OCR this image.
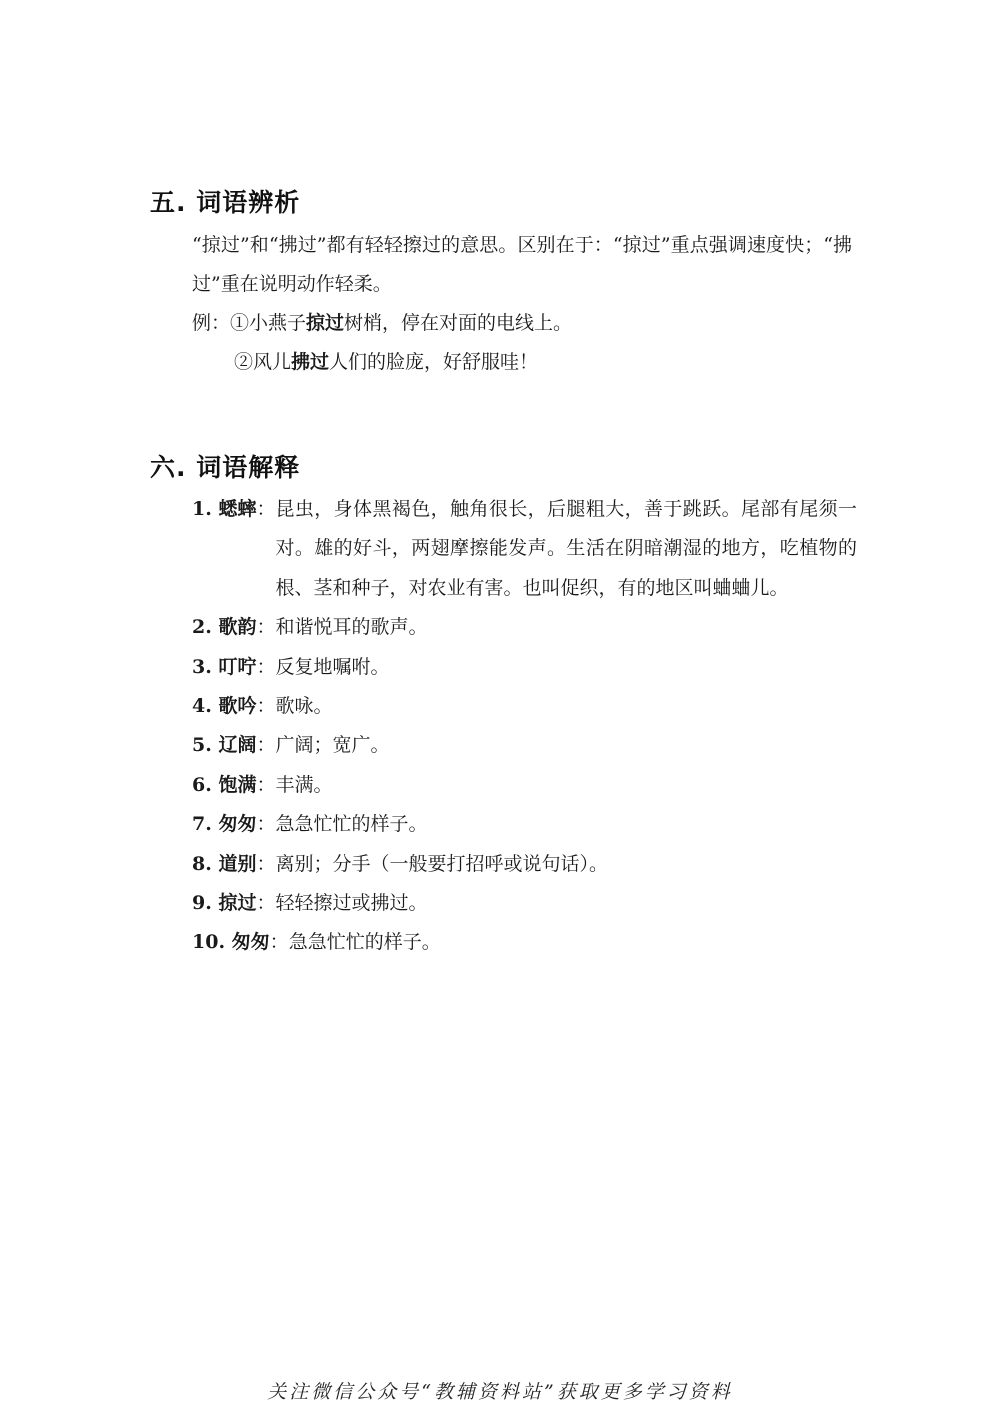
五. 词语辨析

“掠过”和“拂过”都有轻轻擦过的意思。区别在于：“掠过”重点强调速度快；“拂过”重在说明动作轻柔。

例：①小燕子掠过树梢，停在对面的电线上。

②风儿拂过人们的脸庞，好舒服哇！

六. 词语解释
1. 蟋蟀 ： 昆虫，身体黑褐色，触角很长，后腿粗大，善于跳跃。尾部有尾须一对。雄的好斗，两翅摩擦能发声。生活在阴暗潮湿的地方，吃植物的根、茎和种子，对农业有害。也叫促织，有的地区叫蛐蛐儿。
2. 歌韵 ： 和谐悦耳的歌声。
3. 叮咛 ： 反复地嘱咐。
4. 歌吟 ： 歌咏。
5. 辽阔 ： 广阔；宽广。
6. 饱满 ： 丰满。
7. 匆匆 ： 急急忙忙的样子。
8. 道别 ： 离别；分手（一般要打招呼或说句话）。
9. 掠过 ： 轻轻擦过或拂过。
10. 匆匆 ： 急急忙忙的样子。
关注微信公众号“教辅资料站”获取更多学习资料
